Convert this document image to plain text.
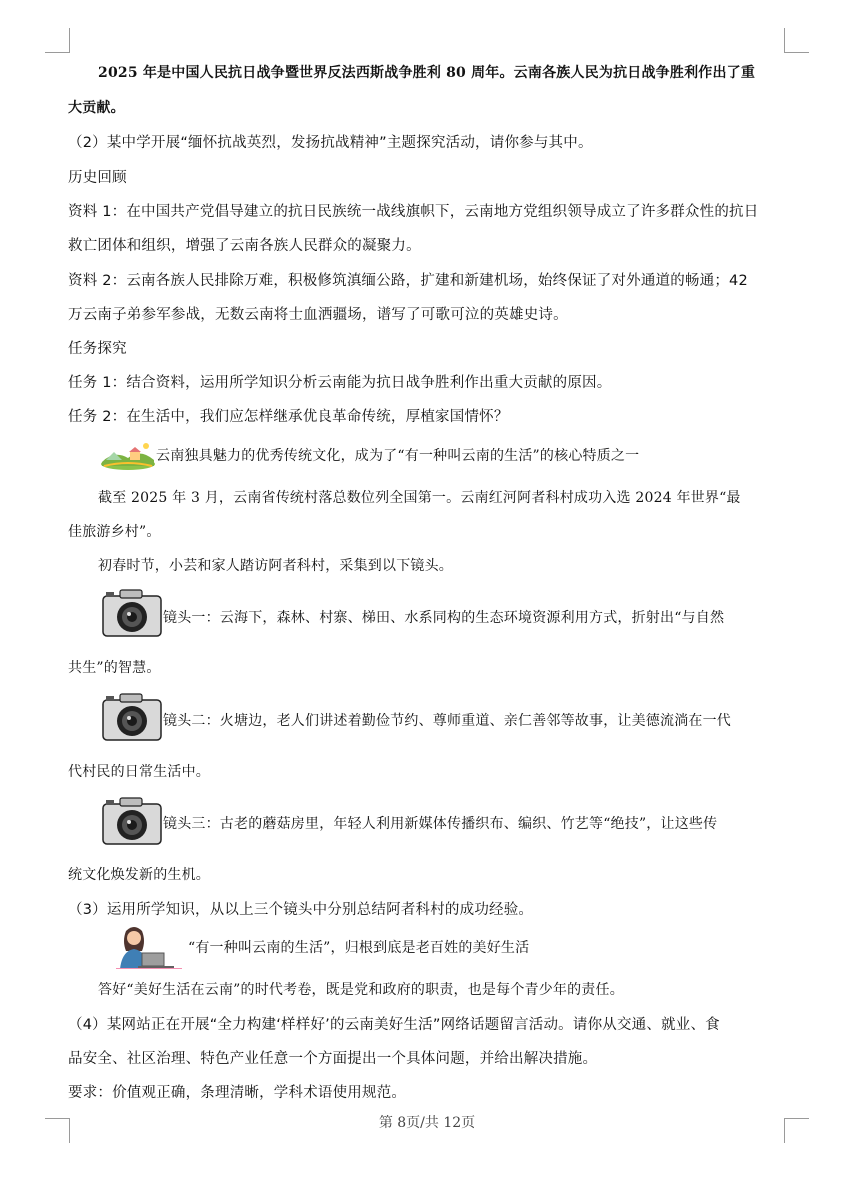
2025 年是中国人民抗日战争暨世界反法西斯战争胜利 80 周年。云南各族人民为抗日战争胜利作出了重
大贡献。
（2）某中学开展“缅怀抗战英烈，发扬抗战精神”主题探究活动，请你参与其中。
历史回顾
资料 1：在中国共产党倡导建立的抗日民族统一战线旗帜下，云南地方党组织领导成立了许多群众性的抗日
救亡团体和组织，增强了云南各族人民群众的凝聚力。
资料 2：云南各族人民排除万难，积极修筑滇缅公路，扩建和新建机场，始终保证了对外通道的畅通；42
万云南子弟参军参战，无数云南将士血洒疆场，谱写了可歌可泣的英雄史诗。
任务探究
任务 1：结合资料，运用所学知识分析云南能为抗日战争胜利作出重大贡献的原因。
任务 2：在生活中，我们应怎样继承优良革命传统，厚植家国情怀？
云南独具魅力的优秀传统文化，成为了“有一种叫云南的生活”的核心特质之一
截至 2025 年 3 月，云南省传统村落总数位列全国第一。云南红河阿者科村成功入选 2024 年世界“最
佳旅游乡村”。
初春时节，小芸和家人踏访阿者科村，采集到以下镜头。
镜头一：云海下，森林、村寨、梯田、水系同构的生态环境资源利用方式，折射出“与自然
共生”的智慧。
镜头二：火塘边，老人们讲述着勤俭节约、尊师重道、亲仁善邻等故事，让美德流淌在一代
代村民的日常生活中。
镜头三：古老的蘑菇房里，年轻人利用新媒体传播织布、编织、竹艺等“绝技”，让这些传
统文化焕发新的生机。
（3）运用所学知识，从以上三个镜头中分别总结阿者科村的成功经验。
“有一种叫云南的生活”，归根到底是老百姓的美好生活
答好“美好生活在云南”的时代考卷，既是党和政府的职责，也是每个青少年的责任。
（4）某网站正在开展“全力构建‘样样好’的云南美好生活”网络话题留言活动。请你从交通、就业、食
品安全、社区治理、特色产业任意一个方面提出一个具体问题，并给出解决措施。
要求：价值观正确，条理清晰，学科术语使用规范。
第 8页/共 12页
